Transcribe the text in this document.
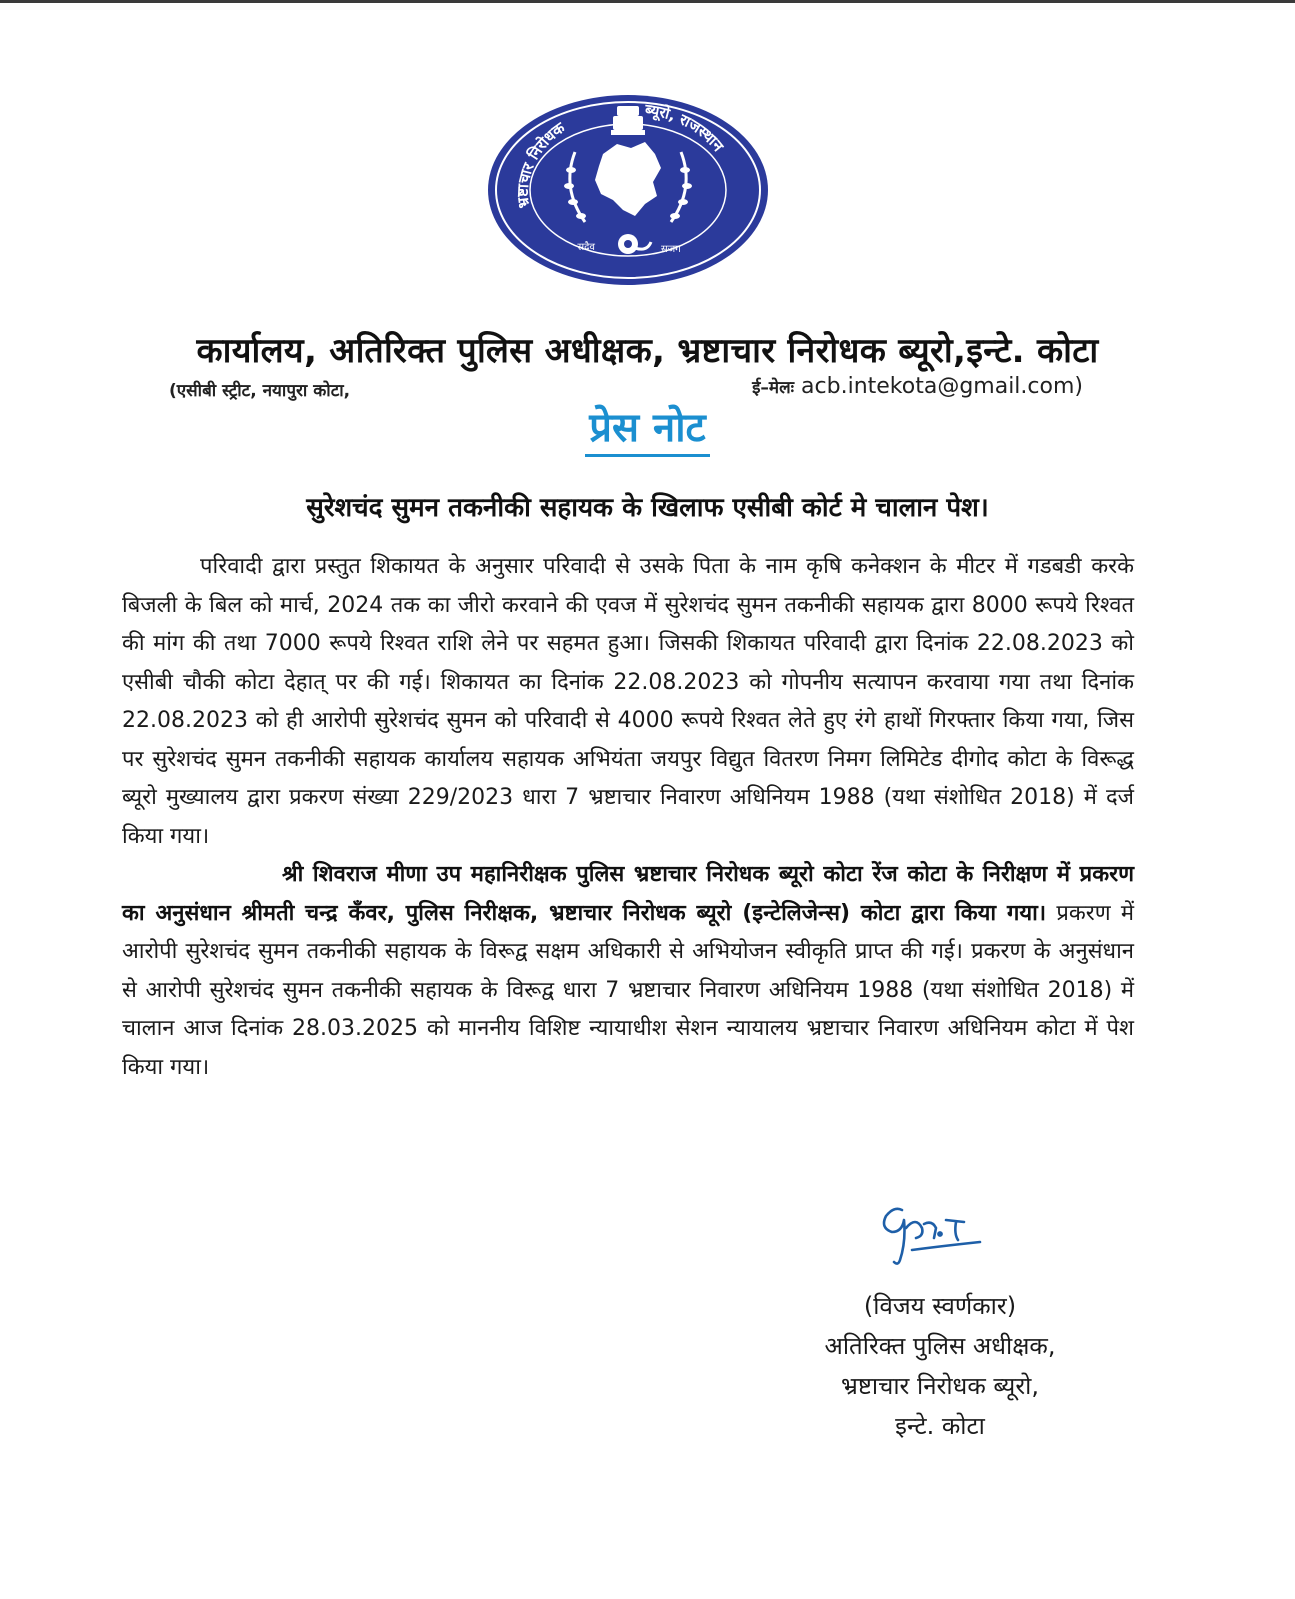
भ्रष्टाचार निरोधक
ब्यूरो, राजस्थान
सदैव	सजग
कार्यालय, अतिरिक्त पुलिस अधीक्षक, भ्रष्टाचार निरोधक ब्यूरो,इन्टे. कोटा
(एसीबी स्ट्रीट, नयापुरा कोटा,	ई–मेलः acb.intekota@gmail.com)
प्रेस नोट
सुरेशचंद सुमन तकनीकी सहायक के खिलाफ एसीबी कोर्ट मे चालान पेश।

परिवादी द्वारा प्रस्तुत शिकायत के अनुसार परिवादी से उसके पिता के नाम कृषि कनेक्शन के मीटर में गडबडी करके बिजली के बिल को मार्च, 2024 तक का जीरो करवाने की एवज में सुरेशचंद सुमन तकनीकी सहायक द्वारा 8000 रूपये रिश्वत की मांग की तथा 7000 रूपये रिश्वत राशि लेने पर सहमत हुआ। जिसकी शिकायत परिवादी द्वारा दिनांक 22.08.2023 को एसीबी चौकी कोटा देहात् पर की गई। शिकायत का दिनांक 22.08.2023 को गोपनीय सत्यापन करवाया गया तथा दिनांक 22.08.2023 को ही आरोपी सुरेशचंद सुमन को परिवादी से 4000 रूपये रिश्वत लेते हुए रंगे हाथों गिरफ्तार किया गया, जिस पर सुरेशचंद सुमन तकनीकी सहायक कार्यालय सहायक अभियंता जयपुर विद्युत वितरण निमग लिमिटेड दीगोद कोटा के विरूद्ध ब्यूरो मुख्यालय द्वारा प्रकरण संख्या 229/2023 धारा 7 भ्रष्टाचार निवारण अधिनियम 1988 (यथा संशोधित 2018) में दर्ज किया गया।

श्री शिवराज मीणा उप महानिरीक्षक पुलिस भ्रष्टाचार निरोधक ब्यूरो कोटा रेंज कोटा के निरीक्षण में प्रकरण का अनुसंधान श्रीमती चन्द्र कँवर, पुलिस निरीक्षक, भ्रष्टाचार निरोधक ब्यूरो (इन्टेलिजेन्स) कोटा द्वारा किया गया। प्रकरण में आरोपी सुरेशचंद सुमन तकनीकी सहायक के विरूद्व सक्षम अधिकारी से अभियोजन स्वीकृति प्राप्त की गई। प्रकरण के अनुसंधान से आरोपी सुरेशचंद सुमन तकनीकी सहायक के विरूद्व धारा 7 भ्रष्टाचार निवारण अधिनियम 1988 (यथा संशोधित 2018) में चालान आज दिनांक 28.03.2025 को माननीय विशिष्ट न्यायाधीश सेशन न्यायालय भ्रष्टाचार निवारण अधिनियम कोटा में पेश किया गया।

(विजय स्वर्णकार)
अतिरिक्त पुलिस अधीक्षक,
भ्रष्टाचार निरोधक ब्यूरो,
इन्टे. कोटा
